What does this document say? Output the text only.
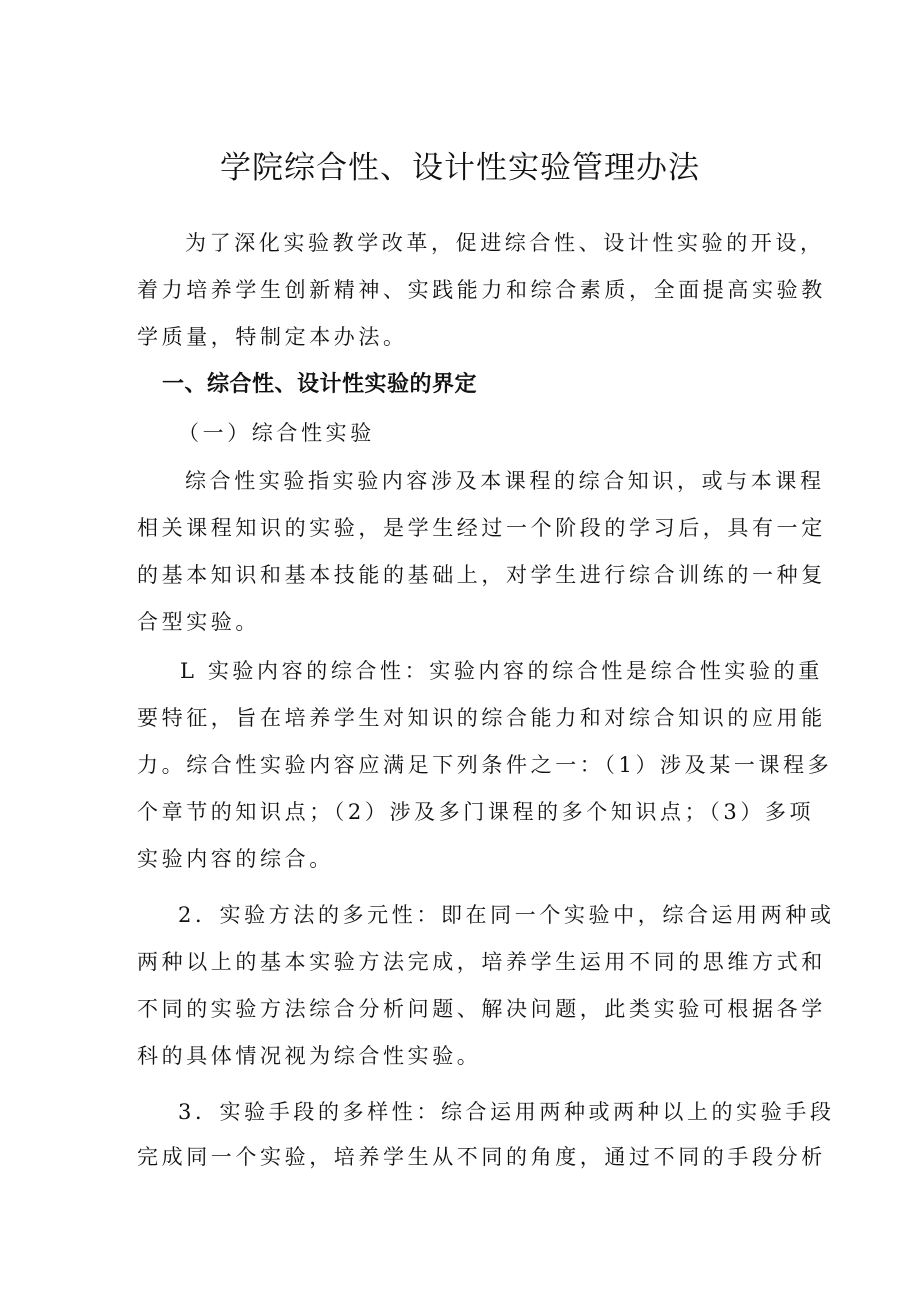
学院综合性、设计性实验管理办法
为了深化实验教学改革，促进综合性、设计性实验的开设，
着力培养学生创新精神、实践能力和综合素质，全面提高实验教
学质量，特制定本办法。
一、综合性、设计性实验的界定
（一）综合性实验
综合性实验指实验内容涉及本课程的综合知识，或与本课程
相关课程知识的实验，是学生经过一个阶段的学习后，具有一定
的基本知识和基本技能的基础上，对学生进行综合训练的一种复
合型实验。
L 实验内容的综合性：实验内容的综合性是综合性实验的重
要特征，旨在培养学生对知识的综合能力和对综合知识的应用能
力。综合性实验内容应满足下列条件之一：（1）涉及某一课程多
个章节的知识点；（2）涉及多门课程的多个知识点；（3）多项
实验内容的综合。
2．实验方法的多元性：即在同一个实验中，综合运用两种或
两种以上的基本实验方法完成，培养学生运用不同的思维方式和
不同的实验方法综合分析问题、解决问题，此类实验可根据各学
科的具体情况视为综合性实验。
3．实验手段的多样性：综合运用两种或两种以上的实验手段
完成同一个实验，培养学生从不同的角度，通过不同的手段分析
